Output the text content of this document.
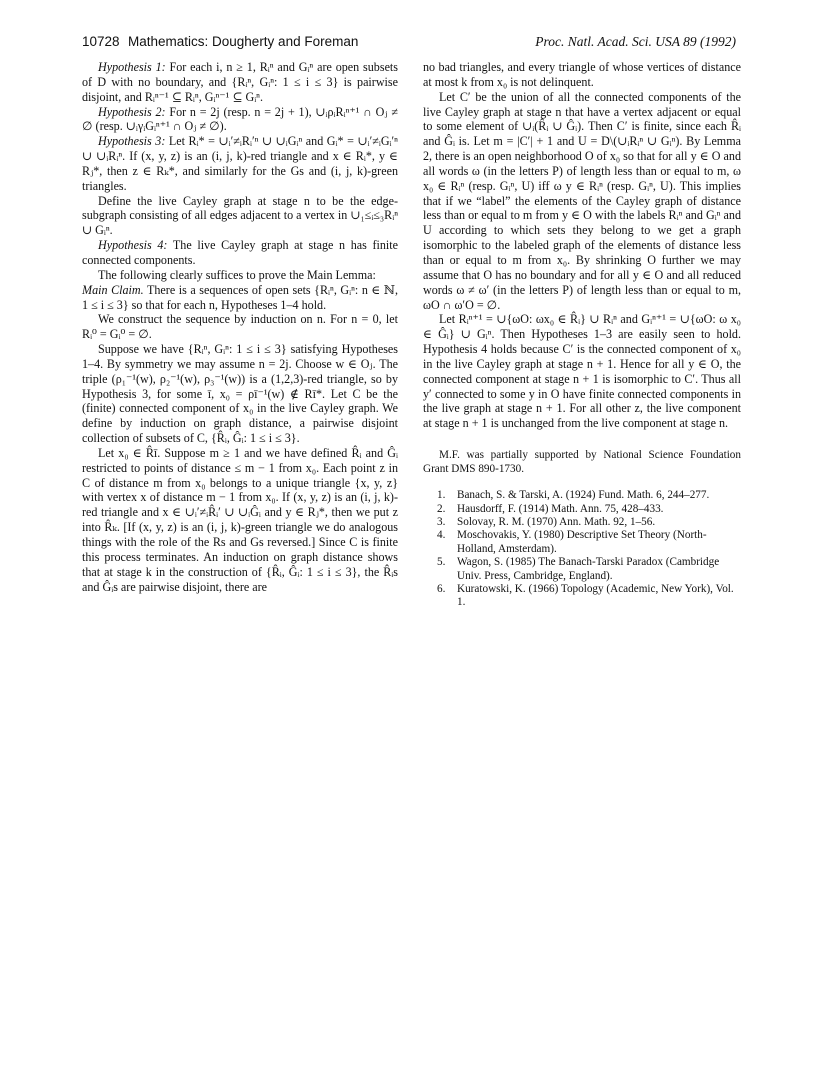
10728 Mathematics: Dougherty and Foreman	Proc. Natl. Acad. Sci. USA 89 (1992)

Hypothesis 1: For each i, n ≥ 1, Rᵢⁿ and Gᵢⁿ are open subsets of D with no boundary, and {Rᵢⁿ, Gᵢⁿ: 1 ≤ i ≤ 3} is pairwise disjoint, and Rᵢⁿ⁻¹ ⊆ Rᵢⁿ, Gᵢⁿ⁻¹ ⊆ Gᵢⁿ.

Hypothesis 2: For n = 2j (resp. n = 2j + 1), ∪ᵢρᵢRᵢⁿ⁺¹ ∩ Oⱼ ≠ ∅ (resp. ∪ᵢγᵢGᵢⁿ⁺¹ ∩ Oⱼ ≠ ∅).

Hypothesis 3: Let Rᵢ* = ∪ᵢ′≠ᵢRᵢ′ⁿ ∪ ∪ᵢGᵢⁿ and Gᵢ* = ∪ᵢ′≠ᵢGᵢ′ⁿ ∪ ∪ᵢRᵢⁿ. If (x, y, z) is an (i, j, k)-red triangle and x ∈ Rᵢ*, y ∈ Rⱼ*, then z ∈ Rₖ*, and similarly for the Gs and (i, j, k)-green triangles.

Define the live Cayley graph at stage n to be the edge-subgraph consisting of all edges adjacent to a vertex in ∪₁≤ᵢ≤₃Rᵢⁿ ∪ Gᵢⁿ.

Hypothesis 4: The live Cayley graph at stage n has finite connected components.

The following clearly suffices to prove the Main Lemma:

Main Claim. There is a sequences of open sets {Rᵢⁿ, Gᵢⁿ: n ∈ ℕ, 1 ≤ i ≤ 3} so that for each n, Hypotheses 1–4 hold.

We construct the sequence by induction on n. For n = 0, let Rᵢ⁰ = Gᵢ⁰ = ∅.

Suppose we have {Rᵢⁿ, Gᵢⁿ: 1 ≤ i ≤ 3} satisfying Hypotheses 1–4. By symmetry we may assume n = 2j. Choose w ∈ Oⱼ. The triple (ρ₁⁻¹(w), ρ₂⁻¹(w), ρ₃⁻¹(w)) is a (1,2,3)-red triangle, so by Hypothesis 3, for some ī, x₀ = ρī⁻¹(w) ∉ Rī*. Let C be the (finite) connected component of x₀ in the live Cayley graph. We define by induction on graph distance, a pairwise disjoint collection of subsets of C, {R̂ᵢ, Ĝᵢ: 1 ≤ i ≤ 3}.

Let x₀ ∈ R̂ī. Suppose m ≥ 1 and we have defined R̂ᵢ and Ĝᵢ restricted to points of distance ≤ m − 1 from x₀. Each point z in C of distance m from x₀ belongs to a unique triangle {x, y, z} with vertex x of distance m − 1 from x₀. If (x, y, z) is an (i, j, k)-red triangle and x ∈ ∪ᵢ′≠ᵢR̂ᵢ′ ∪ ∪ᵢĜᵢ and y ∈ Rⱼ*, then we put z into R̂ₖ. [If (x, y, z) is an (i, j, k)-green triangle we do analogous things with the role of the Rs and Gs reversed.] Since C is finite this process terminates. An induction on graph distance shows that at stage k in the construction of {R̂ᵢ, Ĝᵢ: 1 ≤ i ≤ 3}, the R̂ᵢs and Ĝᵢs are pairwise disjoint, there are

no bad triangles, and every triangle of whose vertices of distance at most k from x₀ is not delinquent.

Let C′ be the union of all the connected components of the live Cayley graph at stage n that have a vertex adjacent or equal to some element of ∪ᵢ(R̂ᵢ ∪ Ĝᵢ). Then C′ is finite, since each R̂ᵢ and Ĝᵢ is. Let m = |C′| + 1 and U = D\(∪ᵢRᵢⁿ ∪ Gᵢⁿ). By Lemma 2, there is an open neighborhood O of x₀ so that for all y ∈ O and all words ω (in the letters P) of length less than or equal to m, ω x₀ ∈ Rᵢⁿ (resp. Gᵢⁿ, U) iff ω y ∈ Rᵢⁿ (resp. Gᵢⁿ, U). This implies that if we “label” the elements of the Cayley graph of distance less than or equal to m from y ∈ O with the labels Rᵢⁿ and Gᵢⁿ and U according to which sets they belong to we get a graph isomorphic to the labeled graph of the elements of distance less than or equal to m from x₀. By shrinking O further we may assume that O has no boundary and for all y ∈ O and all reduced words ω ≠ ω′ (in the letters P) of length less than or equal to m, ωO ∩ ω′O = ∅.

Let Rᵢⁿ⁺¹ = ∪{ωO: ωx₀ ∈ R̂ᵢ} ∪ Rᵢⁿ and Gᵢⁿ⁺¹ = ∪{ωO: ω x₀ ∈ Ĝᵢ} ∪ Gᵢⁿ. Then Hypotheses 1–3 are easily seen to hold. Hypothesis 4 holds because C′ is the connected component of x₀ in the live Cayley graph at stage n + 1. Hence for all y ∈ O, the connected component at stage n + 1 is isomorphic to C′. Thus all y′ connected to some y in O have finite connected components in the live graph at stage n + 1. For all other z, the live component at stage n + 1 is unchanged from the live component at stage n.

M.F. was partially supported by National Science Foundation Grant DMS 890-1730.

1. Banach, S. & Tarski, A. (1924) Fund. Math. 6, 244–277.
2. Hausdorff, F. (1914) Math. Ann. 75, 428–433.
3. Solovay, R. M. (1970) Ann. Math. 92, 1–56.
4. Moschovakis, Y. (1980) Descriptive Set Theory (North-Holland, Amsterdam).
5. Wagon, S. (1985) The Banach-Tarski Paradox (Cambridge Univ. Press, Cambridge, England).
6. Kuratowski, K. (1966) Topology (Academic, New York), Vol. 1.
